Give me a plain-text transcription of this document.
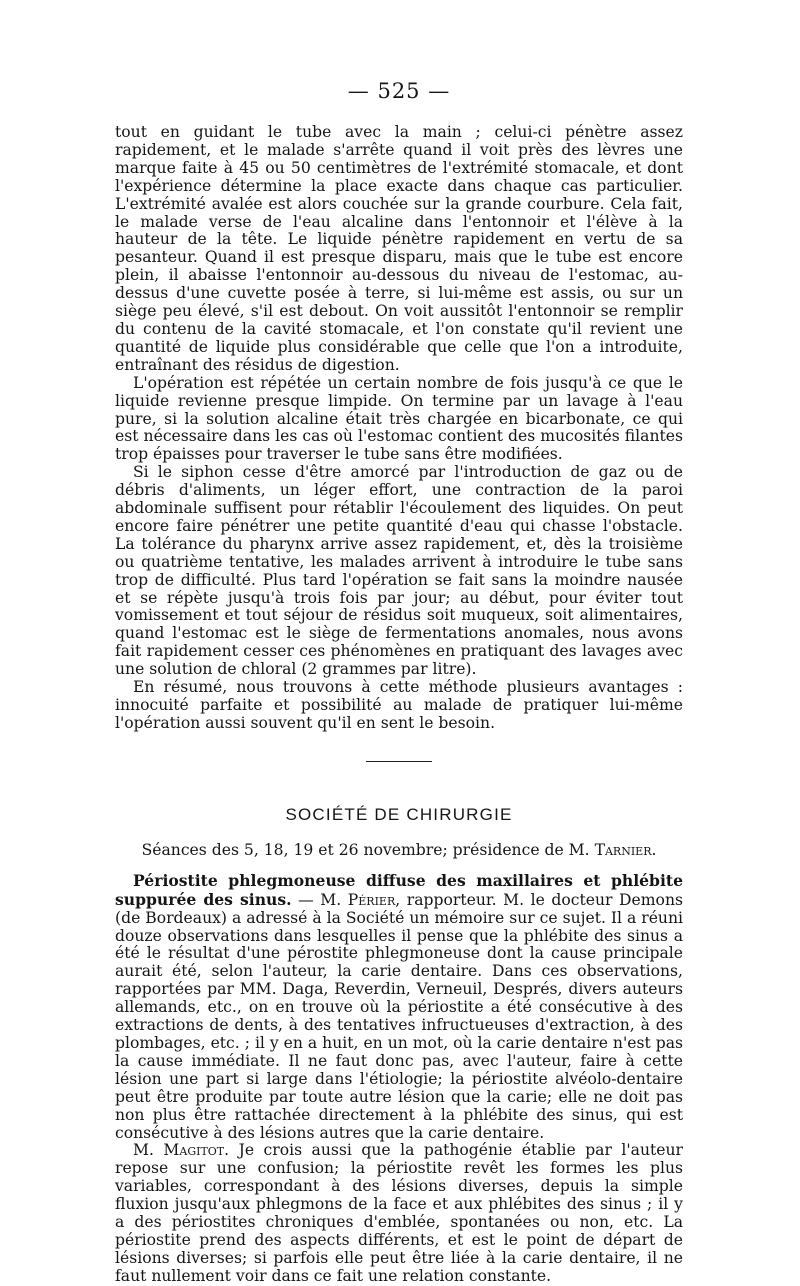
— 525 —

tout en guidant le tube avec la main ; celui-ci pénètre assez rapidement, et le malade s'arrête quand il voit près des lèvres une marque faite à 45 ou 50 centimètres de l'extrémité stomacale, et dont l'expérience détermine la place exacte dans chaque cas particulier. L'extrémité avalée est alors couchée sur la grande courbure. Cela fait, le malade verse de l'eau alcaline dans l'entonnoir et l'élève à la hauteur de la tête. Le liquide pénètre rapidement en vertu de sa pesanteur. Quand il est presque disparu, mais que le tube est encore plein, il abaisse l'entonnoir au-dessous du niveau de l'estomac, au-dessus d'une cuvette posée à terre, si lui-même est assis, ou sur un siège peu élevé, s'il est debout. On voit aussitôt l'entonnoir se remplir du contenu de la cavité stomacale, et l'on constate qu'il revient une quantité de liquide plus considérable que celle que l'on a introduite, entraînant des résidus de digestion.

L'opération est répétée un certain nombre de fois jusqu'à ce que le liquide revienne presque limpide. On termine par un lavage à l'eau pure, si la solution alcaline était très chargée en bicarbonate, ce qui est nécessaire dans les cas où l'estomac contient des mucosités filantes trop épaisses pour traverser le tube sans être modifiées.

Si le siphon cesse d'être amorcé par l'introduction de gaz ou de débris d'aliments, un léger effort, une contraction de la paroi abdominale suffisent pour rétablir l'écoulement des liquides. On peut encore faire pénétrer une petite quantité d'eau qui chasse l'obstacle. La tolérance du pharynx arrive assez rapidement, et, dès la troisième ou quatrième tentative, les malades arrivent à introduire le tube sans trop de difficulté. Plus tard l'opération se fait sans la moindre nausée et se répète jusqu'à trois fois par jour; au début, pour éviter tout vomissement et tout séjour de résidus soit muqueux, soit alimentaires, quand l'estomac est le siège de fermentations anomales, nous avons fait rapidement cesser ces phénomènes en pratiquant des lavages avec une solution de chloral (2 grammes par litre).

En résumé, nous trouvons à cette méthode plusieurs avantages : innocuité parfaite et possibilité au malade de pratiquer lui-même l'opération aussi souvent qu'il en sent le besoin.

SOCIÉTÉ DE CHIRURGIE
Séances des 5, 18, 19 et 26 novembre; présidence de M. Tarnier.

Périostite phlegmoneuse diffuse des maxillaires et phlébite suppurée des sinus. — M. Périer, rapporteur. M. le docteur Demons (de Bordeaux) a adressé à la Société un mémoire sur ce sujet. Il a réuni douze observations dans lesquelles il pense que la phlébite des sinus a été le résultat d'une pérostite phlegmoneuse dont la cause principale aurait été, selon l'auteur, la carie dentaire. Dans ces observations, rapportées par MM. Daga, Reverdin, Verneuil, Després, divers auteurs allemands, etc., on en trouve où la périostite a été consécutive à des extractions de dents, à des tentatives infructueuses d'extraction, à des plombages, etc. ; il y en a huit, en un mot, où la carie dentaire n'est pas la cause immédiate. Il ne faut donc pas, avec l'auteur, faire à cette lésion une part si large dans l'étiologie; la périostite alvéolo-dentaire peut être produite par toute autre lésion que la carie; elle ne doit pas non plus être rattachée directement à la phlébite des sinus, qui est consécutive à des lésions autres que la carie dentaire.

M. Magitot. Je crois aussi que la pathogénie établie par l'auteur repose sur une confusion; la périostite revêt les formes les plus variables, correspondant à des lésions diverses, depuis la simple fluxion jusqu'aux phlegmons de la face et aux phlébites des sinus ; il y a des périostites chroniques d'emblée, spontanées ou non, etc. La périostite prend des aspects différents, et est le point de départ de lésions diverses; si parfois elle peut être liée à la carie dentaire, il ne faut nullement voir dans ce fait une relation constante.
